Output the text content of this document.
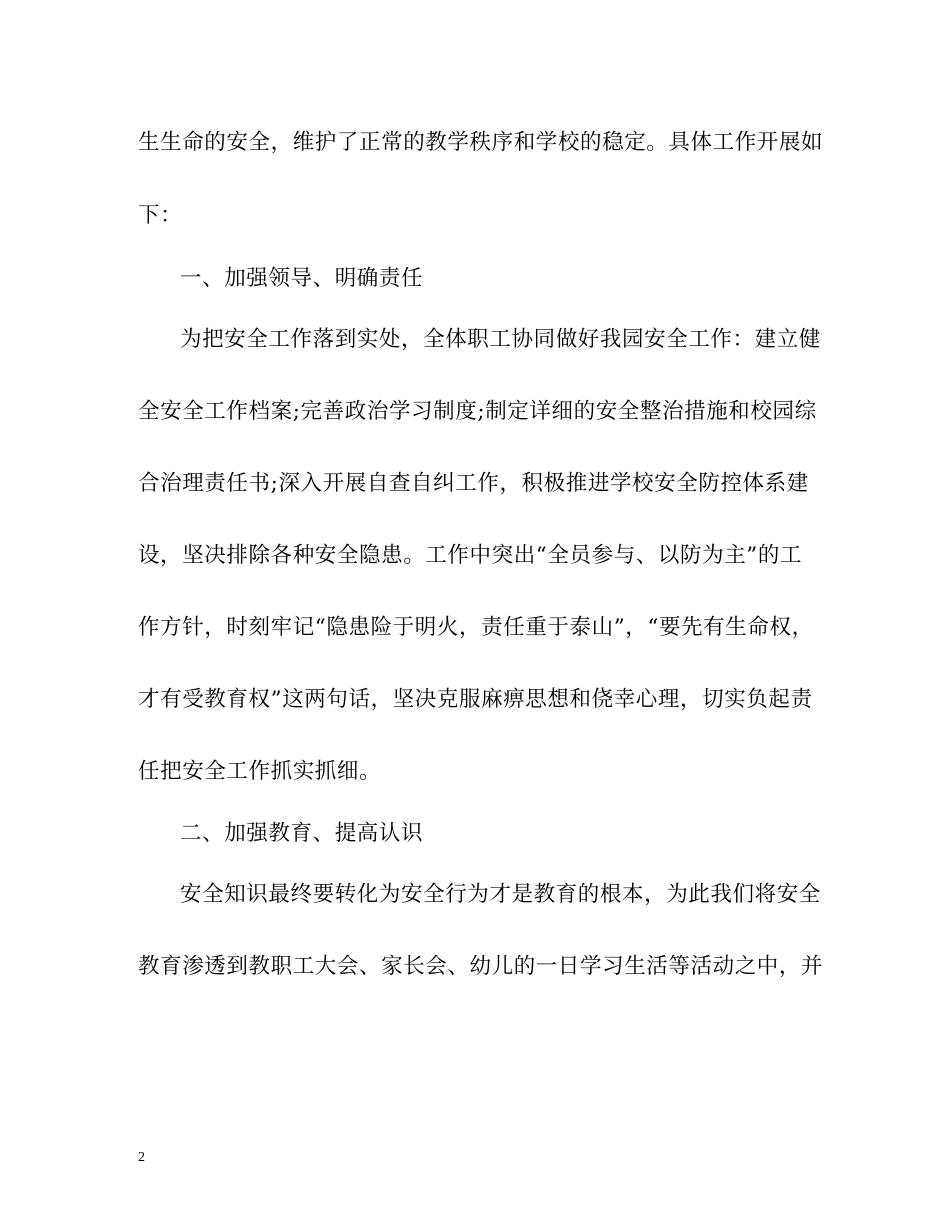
生生命的安全，维护了正常的教学秩序和学校的稳定。具体工作开展如
下：
一、加强领导、明确责任
为把安全工作落到实处，全体职工协同做好我园安全工作：建立健
全安全工作档案;完善政治学习制度;制定详细的安全整治措施和校园综
合治理责任书;深入开展自查自纠工作，积极推进学校安全防控体系建
设，坚决排除各种安全隐患。工作中突出“全员参与、以防为主”的工
作方针，时刻牢记“隐患险于明火，责任重于泰山”，“要先有生命权，
才有受教育权”这两句话，坚决克服麻痹思想和侥幸心理，切实负起责
任把安全工作抓实抓细。
二、加强教育、提高认识
安全知识最终要转化为安全行为才是教育的根本，为此我们将安全
教育渗透到教职工大会、家长会、幼儿的一日学习生活等活动之中，并
2
